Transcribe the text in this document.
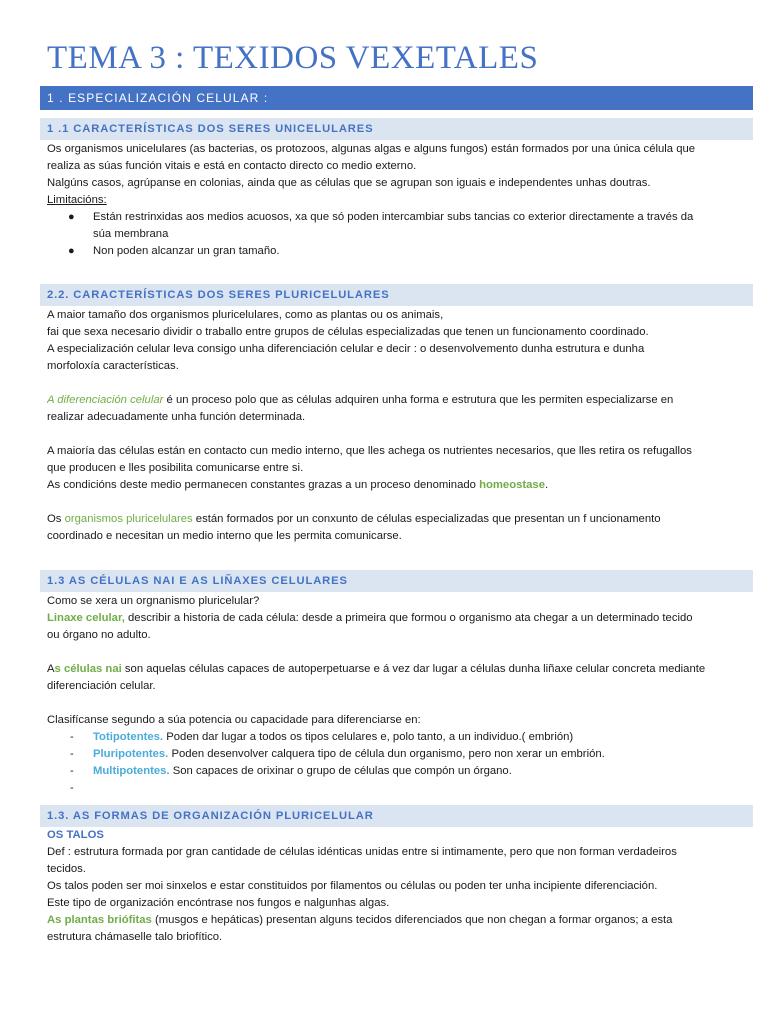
TEMA 3 : TEXIDOS VEXETALES
1 . ESPECIALIZACIÓN CELULAR :
1 .1 CARACTERÍSTICAS DOS SERES UNICELULARES
Os organismos unicelulares (as bacterias, os protozoos, algunas algas e alguns fungos) están formados por una única célula que
realiza as súas función vitais e está en contacto directo co medio externo.
Nalgúns casos, agrúpanse en colonias, ainda que as células que se agrupan son iguais e independentes unhas doutras.
Limitacións:
● Están restrinxidas aos medios acuosos, xa que só poden intercambiar subs tancias co exterior directamente a través da
súa membrana
● Non poden alcanzar un gran tamaño.
2.2. CARACTERÍSTICAS DOS SERES PLURICELULARES
A maior tamaño dos organismos pluricelulares, como as plantas ou os animais,
fai que sexa necesario dividir o traballo entre grupos de células especializadas que tenen un funcionamento coordinado.
A especialización celular leva consigo unha diferenciación celular e decir : o desenvolvemento dunha estrutura e dunha
morfoloxía características.
A diferenciación celular é un proceso polo que as células adquiren unha forma e estrutura que les permiten especializarse en
realizar adecuadamente unha función determinada.
A maioría das células están en contacto cun medio interno, que lles achega os nutrientes necesarios, que lles retira os refugallos
que producen e lles posibilita comunicarse entre si.
As condicións deste medio permanecen constantes grazas a un proceso denominado homeostase.
Os organismos pluricelulares están formados por un conxunto de células especializadas que presentan un f uncionamento
coordinado e necesitan un medio interno que les permita comunicarse.
1.3 AS CÉLULAS NAI E AS LIÑAXES CELULARES
Como se xera un orgnanismo pluricelular?
Linaxe celular, describir a historia de cada célula: desde a primeira que formou o organismo ata chegar a un determinado tecido
ou órgano no adulto.
As células nai son aquelas células capaces de autoperpetuarse e á vez dar lugar a células dunha liñaxe celular concreta mediante
diferenciación celular.
Clasifícanse segundo a súa potencia ou capacidade para diferenciarse en:
- Totipotentes. Poden dar lugar a todos os tipos celulares e, polo tanto, a un individuo.( embrión)
- Pluripotentes. Poden desenvolver calquera tipo de célula dun organismo, pero non xerar un embrión.
- Multipotentes. Son capaces de orixinar o grupo de células que compón un órgano.
-
1.3. AS FORMAS DE ORGANIZACIÓN PLURICELULAR
OS TALOS
Def : estrutura formada por gran cantidade de células idénticas unidas entre si intimamente, pero que non forman verdadeiros
tecidos.
Os talos poden ser moi sinxelos e estar constituidos por filamentos ou células ou poden ter unha incipiente diferenciación.
Este tipo de organización encóntrase nos fungos e nalgunhas algas.
As plantas briófitas (musgos e hepáticas) presentan alguns tecidos diferenciados que non chegan a formar organos; a esta
estrutura chámaselle talo briofítico.
